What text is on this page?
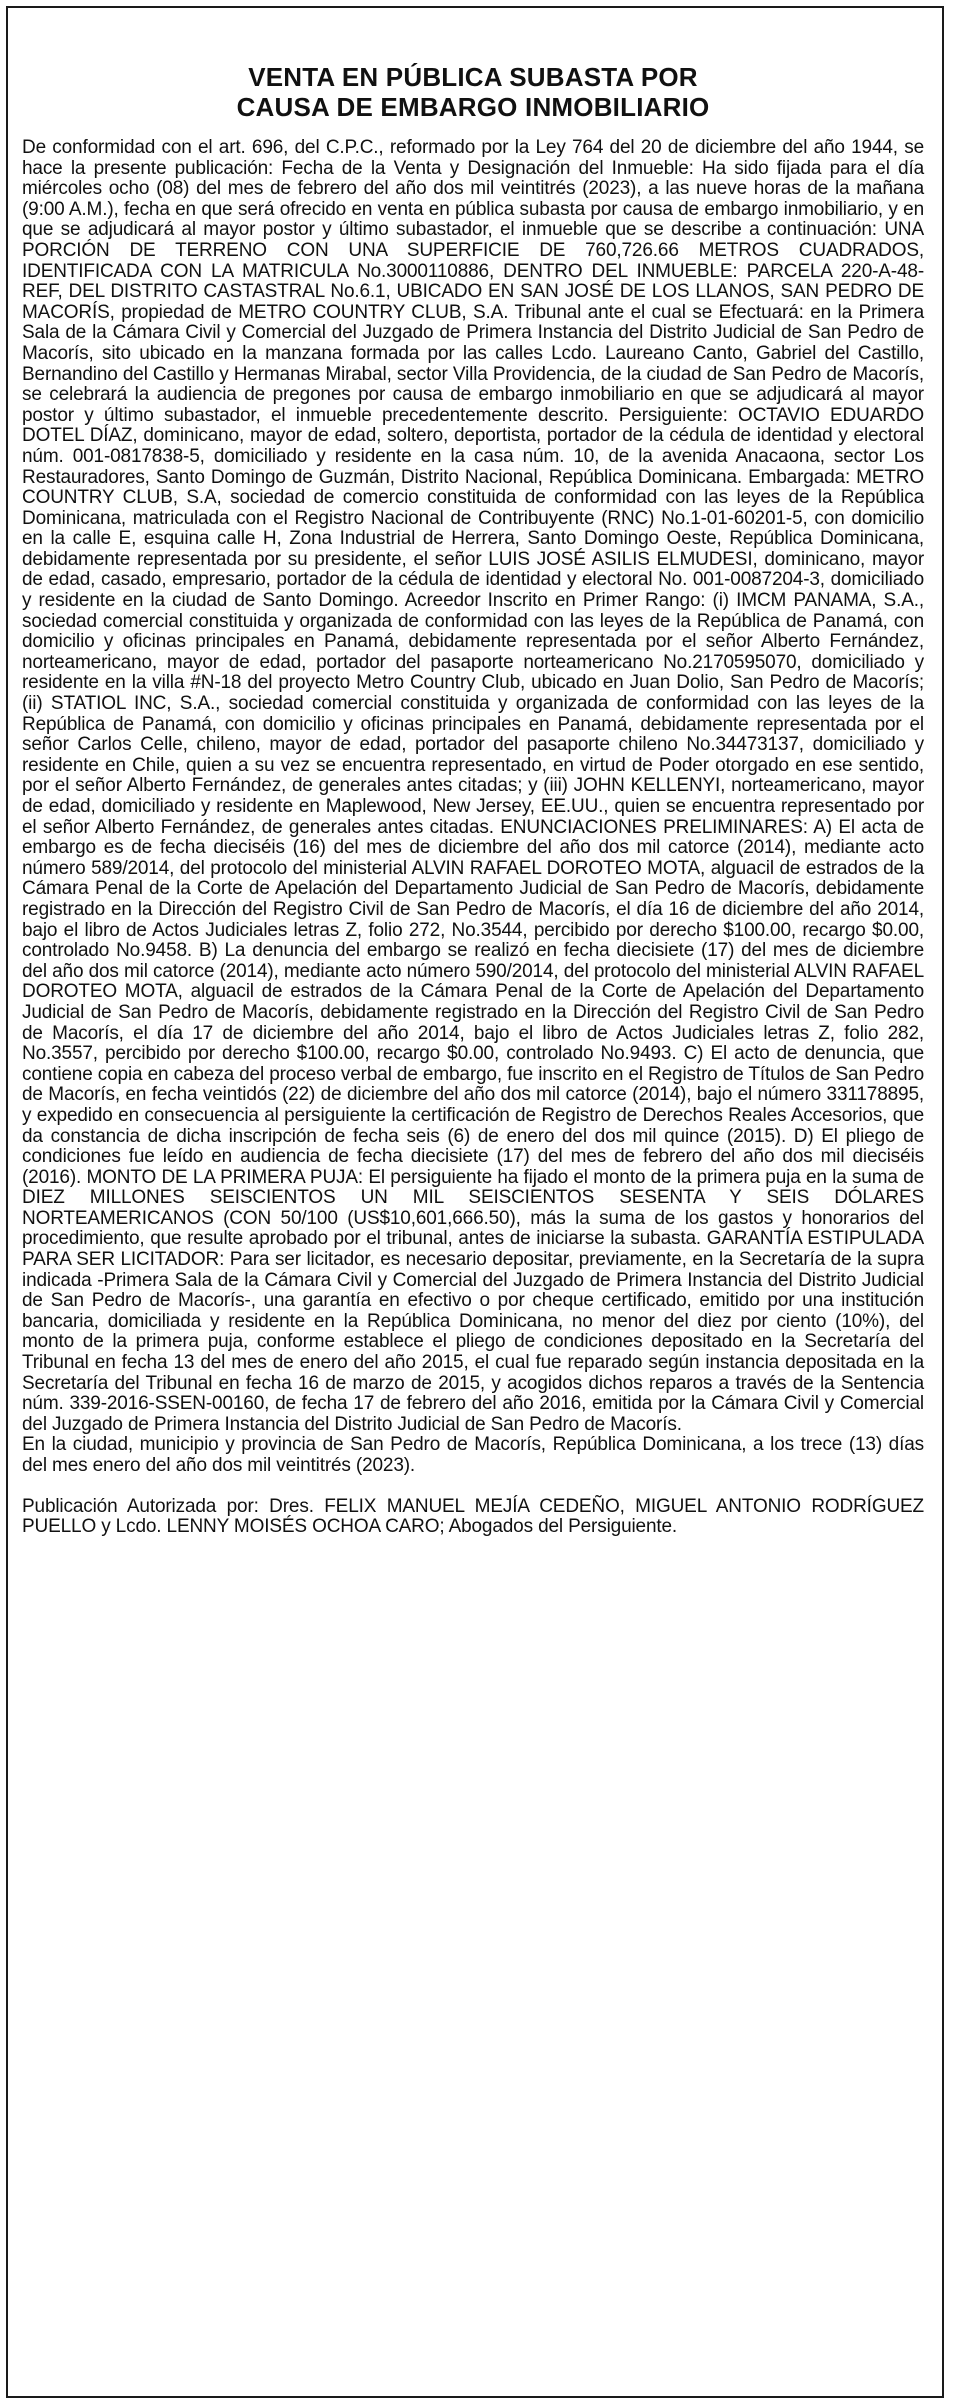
VENTA EN PÚBLICA SUBASTA POR
CAUSA DE EMBARGO INMOBILIARIO

De conformidad con el art. 696, del C.P.C., reformado por la Ley 764 del 20 de diciembre del año 1944, se hace la presente publicación: Fecha de la Venta y Designación del Inmueble: Ha sido fijada para el día miércoles ocho (08) del mes de febrero del año dos mil veintitrés (2023), a las nueve horas de la mañana (9:00 A.M.), fecha en que será ofrecido en venta en pública subasta por causa de embargo inmobiliario, y en que se adjudicará al mayor postor y último subastador, el inmueble que se describe a continuación: UNA PORCIÓN DE TERRENO CON UNA SUPERFICIE DE 760,726.66 METROS CUADRADOS, IDENTIFICADA CON LA MATRICULA No.3000110886, DENTRO DEL INMUEBLE: PARCELA 220-A-48-REF, DEL DISTRITO CASTASTRAL No.6.1, UBICADO EN SAN JOSÉ DE LOS LLANOS, SAN PEDRO DE MACORÍS, propiedad de METRO COUNTRY CLUB, S.A. Tribunal ante el cual se Efectuará: en la Primera Sala de la Cámara Civil y Comercial del Juzgado de Primera Instancia del Distrito Judicial de San Pedro de Macorís, sito ubicado en la manzana formada por las calles Lcdo. Laureano Canto, Gabriel del Castillo, Bernandino del Castillo y Hermanas Mirabal, sector Villa Providencia, de la ciudad de San Pedro de Macorís, se celebrará la audiencia de pregones por causa de embargo inmobiliario en que se adjudicará al mayor postor y último subastador, el inmueble precedentemente descrito. Persiguiente: OCTAVIO EDUARDO DOTEL DÍAZ, dominicano, mayor de edad, soltero, deportista, portador de la cédula de identidad y electoral núm. 001-0817838-5, domiciliado y residente en la casa núm. 10, de la avenida Anacaona, sector Los Restauradores, Santo Domingo de Guzmán, Distrito Nacional, República Dominicana. Embargada: METRO COUNTRY CLUB, S.A, sociedad de comercio constituida de conformidad con las leyes de la República Dominicana, matriculada con el Registro Nacional de Contribuyente (RNC) No.1-01-60201-5, con domicilio en la calle E, esquina calle H, Zona Industrial de Herrera, Santo Domingo Oeste, República Dominicana, debidamente representada por su presidente, el señor LUIS JOSÉ ASILIS ELMUDESI, dominicano, mayor de edad, casado, empresario, portador de la cédula de identidad y electoral No. 001-0087204-3, domiciliado y residente en la ciudad de Santo Domingo. Acreedor Inscrito en Primer Rango: (i) IMCM PANAMA, S.A., sociedad comercial constituida y organizada de conformidad con las leyes de la República de Panamá, con domicilio y oficinas principales en Panamá, debidamente representada por el señor Alberto Fernández, norteamericano, mayor de edad, portador del pasaporte norteamericano No.2170595070, domiciliado y residente en la villa #N-18 del proyecto Metro Country Club, ubicado en Juan Dolio, San Pedro de Macorís; (ii) STATIOL INC, S.A., sociedad comercial constituida y organizada de conformidad con las leyes de la República de Panamá, con domicilio y oficinas principales en Panamá, debidamente representada por el señor Carlos Celle, chileno, mayor de edad, portador del pasaporte chileno No.34473137, domiciliado y residente en Chile, quien a su vez se encuentra representado, en virtud de Poder otorgado en ese sentido, por el señor Alberto Fernández, de generales antes citadas; y (iii) JOHN KELLENYI, norteamericano, mayor de edad, domiciliado y residente en Maplewood, New Jersey, EE.UU., quien se encuentra representado por el señor Alberto Fernández, de generales antes citadas. ENUNCIACIONES PRELIMINARES: A) El acta de embargo es de fecha dieciséis (16) del mes de diciembre del año dos mil catorce (2014), mediante acto número 589/2014, del protocolo del ministerial ALVIN RAFAEL DOROTEO MOTA, alguacil de estrados de la Cámara Penal de la Corte de Apelación del Departamento Judicial de San Pedro de Macorís, debidamente registrado en la Dirección del Registro Civil de San Pedro de Macorís, el día 16 de diciembre del año 2014, bajo el libro de Actos Judiciales letras Z, folio 272, No.3544, percibido por derecho $100.00, recargo $0.00, controlado No.9458. B) La denuncia del embargo se realizó en fecha diecisiete (17) del mes de diciembre del año dos mil catorce (2014), mediante acto número 590/2014, del protocolo del ministerial ALVIN RAFAEL DOROTEO MOTA, alguacil de estrados de la Cámara Penal de la Corte de Apelación del Departamento Judicial de San Pedro de Macorís, debidamente registrado en la Dirección del Registro Civil de San Pedro de Macorís, el día 17 de diciembre del año 2014, bajo el libro de Actos Judiciales letras Z, folio 282, No.3557, percibido por derecho $100.00, recargo $0.00, controlado No.9493. C) El acto de denuncia, que contiene copia en cabeza del proceso verbal de embargo, fue inscrito en el Registro de Títulos de San Pedro de Macorís, en fecha veintidós (22) de diciembre del año dos mil catorce (2014), bajo el número 331178895, y expedido en consecuencia al persiguiente la certificación de Registro de Derechos Reales Accesorios, que da constancia de dicha inscripción de fecha seis (6) de enero del dos mil quince (2015). D) El pliego de condiciones fue leído en audiencia de fecha diecisiete (17) del mes de febrero del año dos mil dieciséis (2016). MONTO DE LA PRIMERA PUJA: El persiguiente ha fijado el monto de la primera puja en la suma de DIEZ MILLONES SEISCIENTOS UN MIL SEISCIENTOS SESENTA Y SEIS DÓLARES NORTEAMERICANOS (CON 50/100 (US$10,601,666.50), más la suma de los gastos y honorarios del procedimiento, que resulte aprobado por el tribunal, antes de iniciarse la subasta. GARANTÍA ESTIPULADA PARA SER LICITADOR: Para ser licitador, es necesario depositar, previamente, en la Secretaría de la supra indicada -Primera Sala de la Cámara Civil y Comercial del Juzgado de Primera Instancia del Distrito Judicial de San Pedro de Macorís-, una garantía en efectivo o por cheque certificado, emitido por una institución bancaria, domiciliada y residente en la República Dominicana, no menor del diez por ciento (10%), del monto de la primera puja, conforme establece el pliego de condiciones depositado en la Secretaría del Tribunal en fecha 13 del mes de enero del año 2015, el cual fue reparado según instancia depositada en la Secretaría del Tribunal en fecha 16 de marzo de 2015, y acogidos dichos reparos a través de la Sentencia núm. 339-2016-SSEN-00160, de fecha 17 de febrero del año 2016, emitida por la Cámara Civil y Comercial del Juzgado de Primera Instancia del Distrito Judicial de San Pedro de Macorís.

En la ciudad, municipio y provincia de San Pedro de Macorís, República Dominicana, a los trece (13) días del mes enero del año dos mil veintitrés (2023).

Publicación Autorizada por: Dres. FELIX MANUEL MEJÍA CEDEÑO, MIGUEL ANTONIO RODRÍGUEZ PUELLO y Lcdo. LENNY MOISÉS OCHOA CARO; Abogados del Persiguiente.
